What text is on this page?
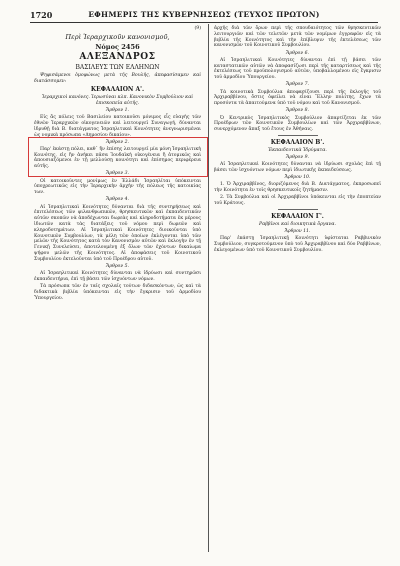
1720	ΕΦΗΜΕΡΙΣ ΤΗΣ ΚΥΒΕΡΝΗΣΕΩΣ (ΤΕΥΧΟΣ ΠΡΩΤΟΝ)

(9)

Περὶ Ἱεραρχικοῦν κανονισμοῦ,

Νόμος 2456

ΑΛΕΞΑΝΔΡΟΣ

ΒΑΣΙΛΕΥΣ ΤΩΝ ΕΛΛΗΝΩΝ

Ψηφισάμενοι ὁμοφώνως μετὰ τῆς Βουλῆς, ἀπεφασίσαμεν καὶ διατάσσομεν:

ΚΕΦΑΛΑΙΟΝ Α'.

Ἱεραρχικοὶ κανόνες. Ἱερωσύναι κλπ. Κανονικὸν Συμβούλιον καὶ ἐπισκοπεῖα αὐτῆς.

Ἄρθρον 1.

Εἰς ἃς πόλεις τοῦ Βασιλείου κατοικοῦσι μόνιμος εἷς εὐαγὴς τῶν ἐθνῶν Ἱεραρχικῶν οἰκογενειῶν καὶ λειτουργεῖ Συναγωγή, δύνανται ἱδρυθῇ διὰ Β. διατάγματος Ἱσραηλιτικαὶ Κοινότητες ἀνεγνωρισμέναι ὡς νομικὰ πρόσωπα «Δημοσίου δικαίου».

Ἄρθρον 2.

Παρ' ἑκάστῃ πόλει, καθ᾽ ἣν ἐπίσης λειτουργεῖ μία μόνη Ἱσραηλιτικὴ Κοινότης, εἰς ἣν ἀνήκει πᾶσα Ἰουδαϊκὴ οἰκογένεια ἢ ἀτομικῶς καὶ ἀπουσιαζόμενοι ἐν τῇ μελλούσῃ κοινότητι καὶ ἐπίσημος περιφέρεια αὐτῆς.

Ἄρθρον 3.

Οἱ κατοικοῦντες μονίμως ἐν Ἑλλάδι Ἰσραηλῖται ὑπόκεινται ὑποχρεωτικῶς εἰς τὴν Ἱεραρχικὴν ἀρχὴν τῆς πόλεως τῆς κατοικίας των.

Ἄρθρον 4.

Αἱ Ἱσραηλιτικαὶ Κοινότητες δύνανται διὰ τῆς συντηρήσεως καὶ ἐπιτελέσεως τῶν φιλανθρωπικῶν, θρησκευτικῶν καὶ ἐκπαιδευτικῶν αὐτῶν σκοπῶν νὰ ἀποδέχωνται δωρεὰς καὶ κληροδοτήματα ἐκ μέρους ἰδιωτῶν κατὰ τὰς διατάξεις τοῦ νόμου περὶ δωρεῶν καὶ κληροδοτημάτων. Αἱ Ἱσραηλιτικαὶ Κοινότητες διοικοῦνται ὑπὸ Κοινοτικῶν Συμβουλίων, τὰ μέλη τῶν ὁποίων ἐκλέγονται ὑπὸ τῶν μελῶν τῆς Κοινότητος κατὰ τὸν Κανονισμὸν αὐτῶν καὶ ἐκλογὴν ἐν τῇ Γενικῇ Συνελεύσει, ἀποτελουμένῃ ἐξ ὅλων τῶν ἐχόντων δικαίωμα ψήφου μελῶν τῆς Κοινότητος. Αἱ ἀποφάσεις τοῦ Κοινοτικοῦ Συμβουλίου ἐκτελοῦνται ὑπὸ τοῦ Προέδρου αὐτοῦ.

Ἄρθρον 5.

Αἱ Ἱσραηλιτικαὶ Κοινότητες δύνανται νὰ ἱδρύωσι καὶ συντηρῶσι ἐκπαιδευτήρια, ἐπὶ τῇ βάσει τῶν ἰσχυόντων νόμων.

Τὰ πρόσωπα τῶν ἐν ταῖς σχολαῖς τούτων διδασκόντων, ὡς καὶ τὰ διδακτικὰ βιβλία ὑπόκεινται εἰς τὴν ἔγκρισιν τοῦ ἁρμοδίου Ὑπουργείου.

ἀρχῆς διὰ τῶν ὅρων περὶ τῆς σπουδαιότητος τῶν θρησκευτικῶν λειτουργιῶν καὶ τῶν τελετῶν μετὰ τῶν νομίμων ἐγγραφῶν εἰς τὰ βιβλία τῆς Κοινότητος καὶ τὴν ἐπίβλεψιν τῆς ἐκτελέσεως τῶν κανονισμῶν τοῦ Κοινοτικοῦ Συμβουλίου.

Ἄρθρον 6.

Αἱ Ἱσραηλιτικαὶ Κοινότητες δύνανται ἐπὶ τῇ βάσει τῶν καταστατικῶν αὐτῶν νὰ ἀποφασίζωσι περὶ τῆς καταρτίσεως καὶ τῆς ἐκτελέσεως τοῦ προϋπολογισμοῦ αὐτῶν, ὑποβαλλομένου εἰς ἔγκρισιν τοῦ ἁρμοδίου Ὑπουργείου.

Ἄρθρον 7.

Τὰ κοινοτικὰ Συμβούλια ἀποφασίζουσι περὶ τῆς ἐκλογῆς τοῦ Ἀρχιραββίνου, ὅστις ὀφείλει νὰ εἶναι Ἕλλην πολίτης, ἔχων τὰ προσόντα τὰ ἀπαιτούμενα ὑπὸ τοῦ νόμου καὶ τοῦ Κανονισμοῦ.

Ἄρθρον 8.

Ὁ Κεντρικὸς Ἰσραηλιτικὸς Συμβούλιον ἀπαρτίζεται ἐκ τῶν Προέδρων τῶν Κοινοτικῶν Συμβουλίων καὶ τῶν Ἀρχιραββίνων, συνερχόμενον ἅπαξ τοῦ ἔτους ἐν Ἀθήναις.

ΚΕΦΑΛΑΙΟΝ Β'.

Ἐκπαιδευτικὰ Ἱδρύματα.

Ἄρθρον 9.

Αἱ Ἱσραηλιτικαὶ Κοινότητες δύνανται νὰ ἱδρύωσι σχολὰς ἐπὶ τῇ βάσει τῶν ἰσχυόντων νόμων περὶ ἰδιωτικῆς ἐκπαιδεύσεως.

Ἄρθρον 10.

1. Ὁ Ἀρχιραββῖνος, διοριζόμενος διὰ Β. Διατάγματος, ἐκπροσωπεῖ τὴν Κοινότητα ἐν τοῖς θρησκευτικοῖς ζητήμασιν.

2. Τὰ Συμβούλια καὶ οἱ Ἀρχιραββῖνοι ὑπόκεινται εἰς τὴν ἐποπτείαν τοῦ Κράτους.

ΚΕΦΑΛΑΙΟΝ Γ'.

Ραββῖνοι καὶ διοικητικὰ ὄργανα.

Ἄρθρον 11.

Παρ' ἑκάστῃ Ἱσραηλιτικῇ Κοινότητι ὑφίσταται Ραββινικὸν Συμβούλιον, συγκροτούμενον ὑπὸ τοῦ Ἀρχιραββίνου καὶ δύο Ραββίνων, ἐκλεγομένων ὑπὸ τοῦ Κοινοτικοῦ Συμβουλίου.
